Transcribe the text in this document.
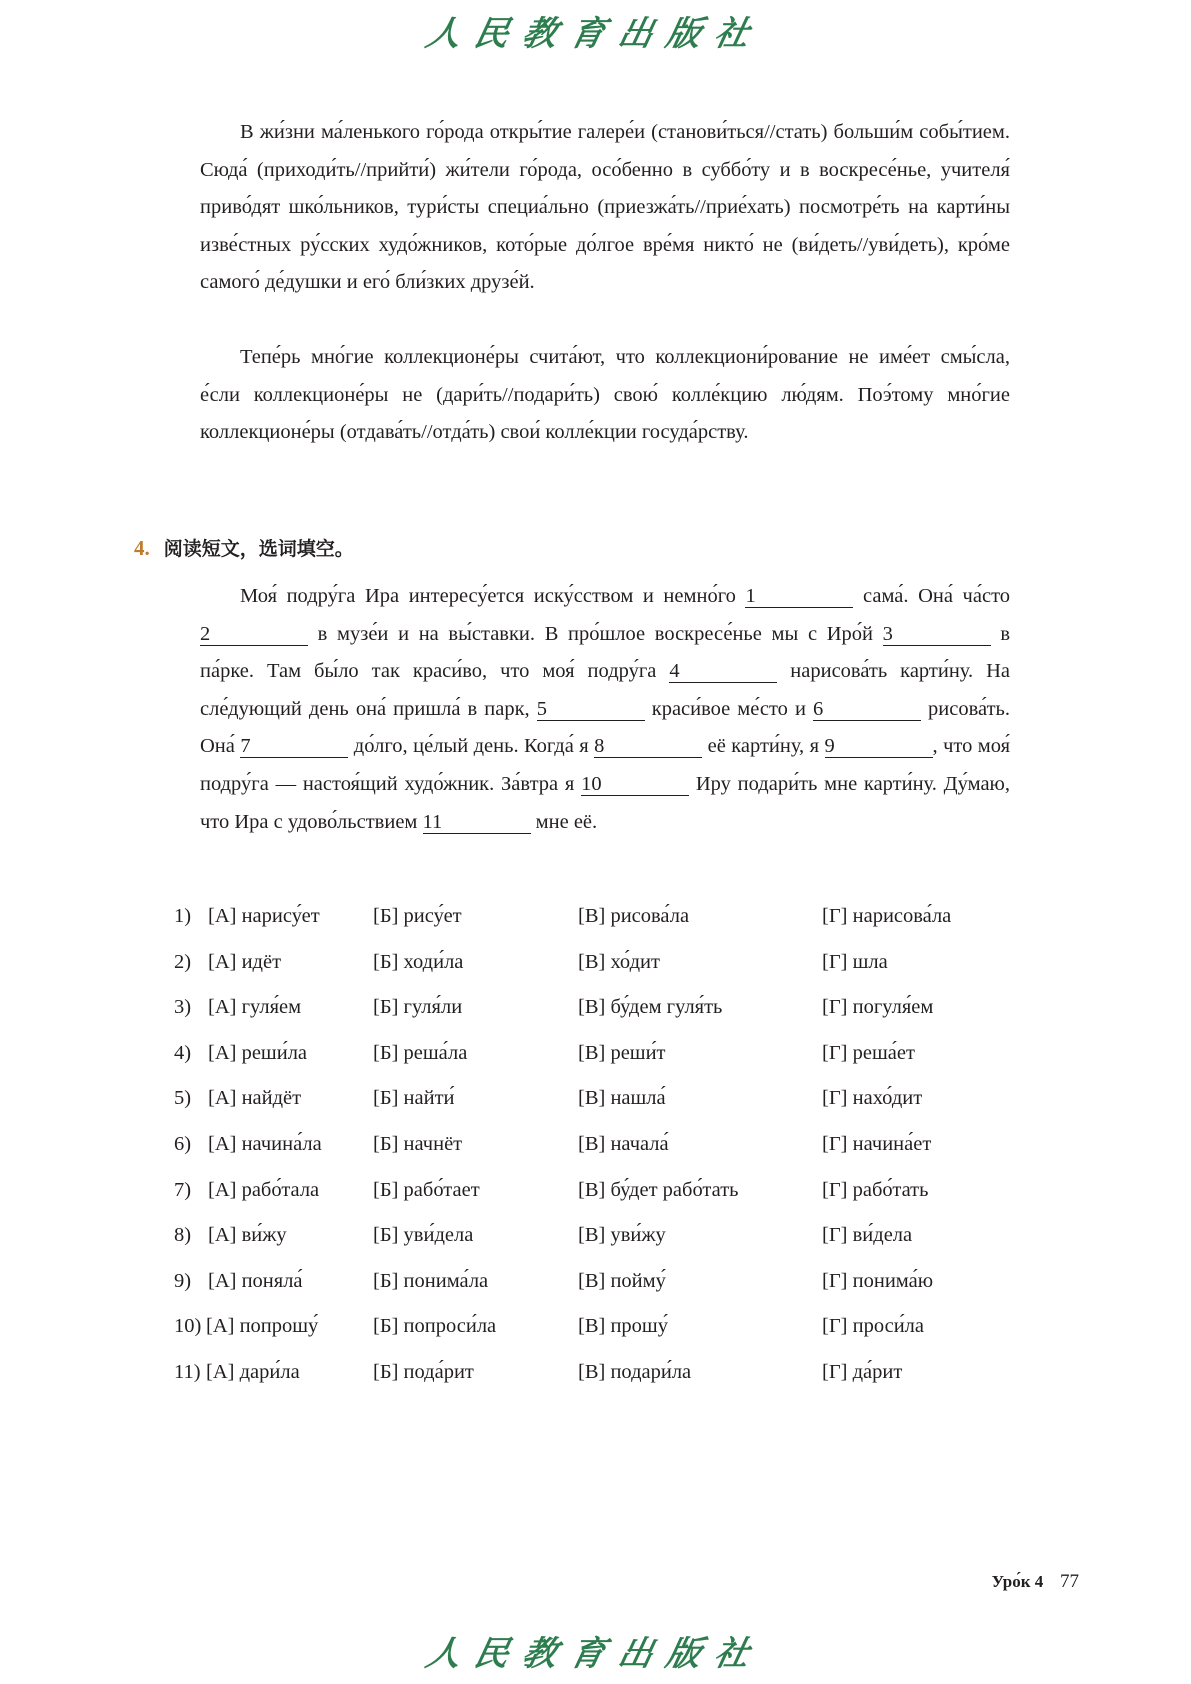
人民教育出版社

В жи́зни ма́ленького го́рода откры́тие галере́и (станови́ться//стать) больши́м собы́тием. Сюда́ (приходи́ть//прийти́) жи́тели го́рода, осо́бенно в суббо́ту и в воскресе́нье, учителя́ приво́дят шко́льников, тури́сты специа́льно (приезжа́ть//прие́хать) посмотре́ть на карти́ны изве́стных ру́сских худо́жников, кото́рые до́лгое вре́мя никто́ не (ви́деть//уви́деть), кро́ме самого́ де́душки и его́ бли́зких друзе́й.

Тепе́рь мно́гие коллекционе́ры счита́ют, что коллекциони́рование не име́ет смы́сла, е́сли коллекционе́ры не (дари́ть//подари́ть) свою́ колле́кцию лю́дям. Поэ́тому мно́гие коллекционе́ры (отдава́ть//отда́ть) свои́ колле́кции госуда́рству.

4. 阅读短文，选词填空。

Моя́ подру́га Ира интересу́ется иску́сством и немно́го 1	сама́. Она́ ча́сто 2	в музе́и и на вы́ставки. В про́шлое воскресе́нье мы с Иро́й 3	в па́рке. Там бы́ло так краси́во, что моя́ подру́га 4	нарисова́ть карти́ну. На сле́дующий день она́ пришла́ в парк, 5	краси́вое ме́сто и 6	рисова́ть. Она́ 7	до́лго, це́лый день. Когда́ я 8	её карти́ну, я 9	, что моя́ подру́га — настоя́щий худо́жник. За́втра я 10	Иру подари́ть мне карти́ну. Ду́маю, что Ира с удово́льствием 11	мне её.

1) [А] нарису́ет	[Б] рису́ет	[В] рисова́ла	[Г] нарисова́ла
2) [А] идёт	[Б] ходи́ла	[В] хо́дит	[Г] шла
3) [А] гуля́ем	[Б] гуля́ли	[В] бу́дем гуля́ть	[Г] погуля́ем
4) [А] реши́ла	[Б] реша́ла	[В] реши́т	[Г] реша́ет
5) [А] найдёт	[Б] найти́	[В] нашла́	[Г] нахо́дит
6) [А] начина́ла	[Б] начнёт	[В] начала́	[Г] начина́ет
7) [А] рабо́тала	[Б] рабо́тает	[В] бу́дет рабо́тать	[Г] рабо́тать
8) [А] ви́жу	[Б] уви́дела	[В] уви́жу	[Г] ви́дела
9) [А] поняла́	[Б] понима́ла	[В] пойму́	[Г] понима́ю
10) [А] попрошу́	[Б] попроси́ла	[В] прошу́	[Г] проси́ла
11) [А] дари́ла	[Б] пода́рит	[В] подари́ла	[Г] да́рит
Уро́к 4 77
人民教育出版社
